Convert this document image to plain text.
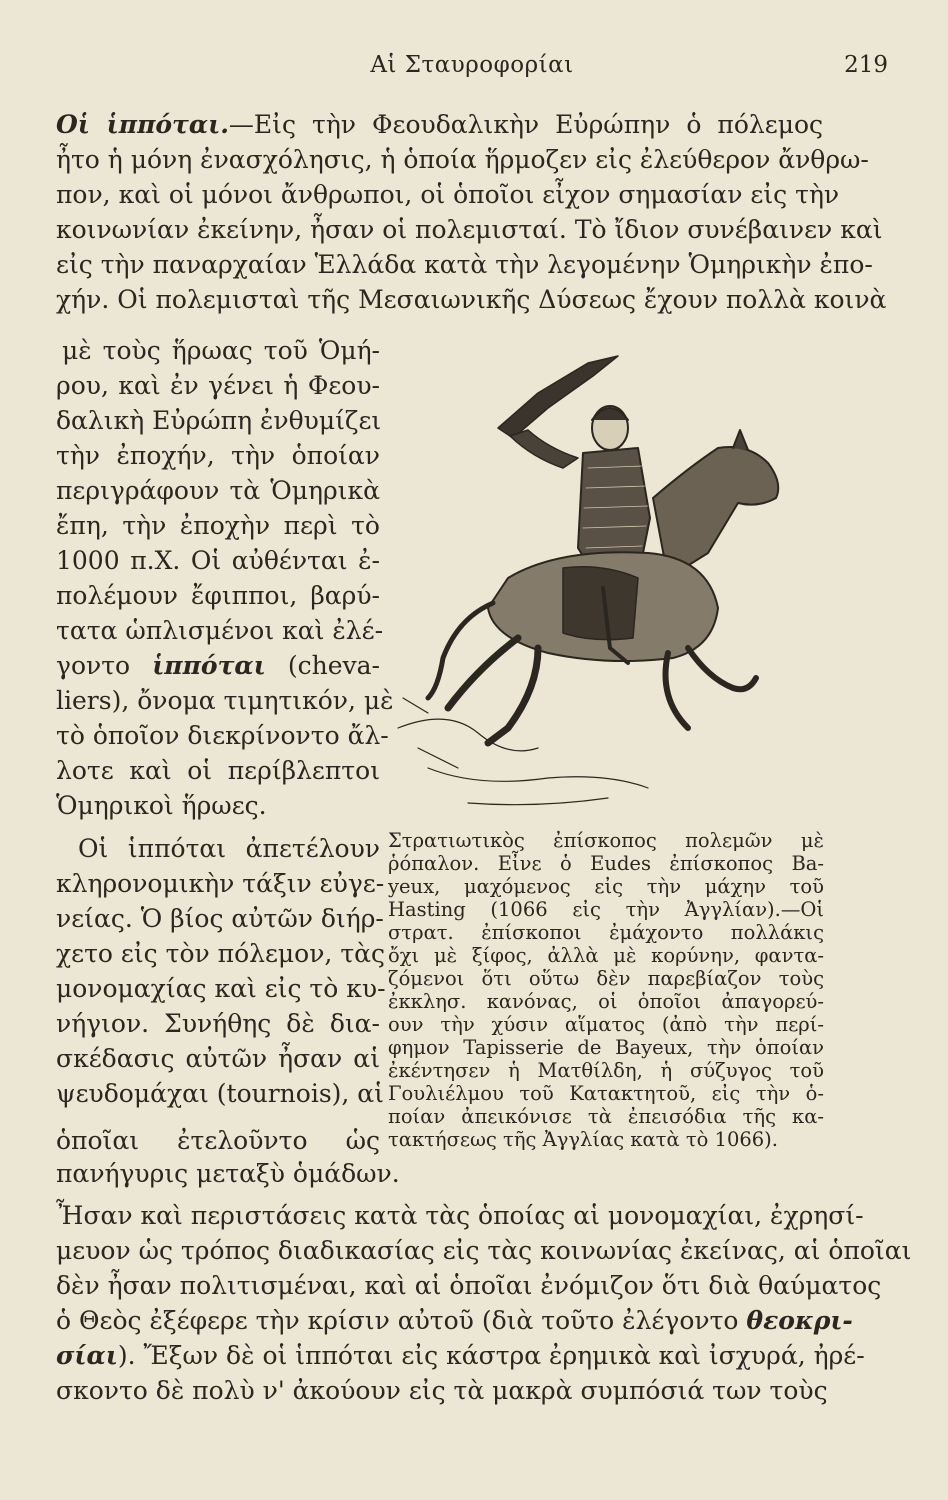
Αἱ Σταυροφορίαι	219
Οἱ ἱππόται.—Εἰς τὴν Φεουδαλικὴν Εὐρώπην ὁ πόλεμος
ἦτο ἡ μόνη ἐνασχόλησις, ἡ ὁποία ἥρμοζεν εἰς ἐλεύθερον ἄνθρω-
πον, καὶ οἱ μόνοι ἄνθρωποι, οἱ ὁποῖοι εἶχον σημασίαν εἰς τὴν
κοινωνίαν ἐκείνην, ἦσαν οἱ πολεμισταί. Τὸ ἴδιον συνέβαινεν καὶ
εἰς τὴν παναρχαίαν Ἑλλάδα κατὰ τὴν λεγομένην Ὁμηρικὴν ἐπο-
χήν. Οἱ πολεμισταὶ τῆς Μεσαιωνικῆς Δύσεως ἔχουν πολλὰ κοινὰ
μὲ τοὺς ἥρωας τοῦ Ὁμή-
ρου, καὶ ἐν γένει ἡ Φεου-
δαλικὴ Εὐρώπη ἐνθυμίζει
τὴν ἐποχήν, τὴν ὁποίαν
περιγράφουν τὰ Ὁμηρικὰ
ἔπη, τὴν ἐποχὴν περὶ τὸ
1000 π.Χ. Οἱ αὐθένται ἐ-
πολέμουν ἔφιπποι, βαρύ-
τατα ὡπλισμένοι καὶ ἐλέ-
γοντο ἱππόται (cheva-
liers), ὄνομα τιμητικόν, μὲ
τὸ ὁποῖον διεκρίνοντο ἄλ-
λοτε καὶ οἱ περίβλεπτοι
Ὁμηρικοὶ ἥρωες.
Οἱ ἱππόται ἀπετέλουν
κληρονομικὴν τάξιν εὐγε-
νείας. Ὁ βίος αὐτῶν διήρ-
χετο εἰς τὸν πόλεμον, τὰς
μονομαχίας καὶ εἰς τὸ κυ-
νήγιον. Συνήθης δὲ δια-
σκέδασις αὐτῶν ἦσαν αἱ
ψευδομάχαι (tournois), αἱ
ὁποῖαι ἐτελοῦντο ὡς
πανήγυρις μεταξὺ ὁμάδων.
Στρατιωτικὸς ἐπίσκοπος πολεμῶν μὲ
ῥόπαλον. Εἶνε ὁ Eudes ἐπίσκοπος Ba-
yeux, μαχόμενος εἰς τὴν μάχην τοῦ
Hasting (1066 εἰς τὴν Ἀγγλίαν).—Οἱ
στρατ. ἐπίσκοποι ἐμάχοντο πολλάκις
ὄχι μὲ ξίφος, ἀλλὰ μὲ κορύνην, φαντα-
ζόμενοι ὅτι οὕτω δὲν παρεβίαζον τοὺς
ἐκκλησ. κανόνας, οἱ ὁποῖοι ἀπαγορεύ-
ουν τὴν χύσιν αἵματος (ἀπὸ τὴν περί-
φημον Tapisserie de Bayeux, τὴν ὁποίαν
ἐκέντησεν ἡ Ματθίλδη, ἡ σύζυγος τοῦ
Γουλιέλμου τοῦ Κατακτητοῦ, εἰς τὴν ὁ-
ποίαν ἀπεικόνισε τὰ ἐπεισόδια τῆς κα-
τακτήσεως τῆς Ἀγγλίας κατὰ τὸ 1066).
Ἦσαν καὶ περιστάσεις κατὰ τὰς ὁποίας αἱ μονομαχίαι, ἐχρησί-
μευον ὡς τρόπος διαδικασίας εἰς τὰς κοινωνίας ἐκείνας, αἱ ὁποῖαι
δὲν ἦσαν πολιτισμέναι, καὶ αἱ ὁποῖαι ἐνόμιζον ὅτι διὰ θαύματος
ὁ Θεὸς ἐξέφερε τὴν κρίσιν αὐτοῦ (διὰ τοῦτο ἐλέγοντο θεοκρι-
σίαι). Ἔξων δὲ οἱ ἱππόται εἰς κάστρα ἐρημικὰ καὶ ἰσχυρά, ἠρέ-
σκοντο δὲ πολὺ ν' ἀκούουν εἰς τὰ μακρὰ συμπόσιά των τοὺς
